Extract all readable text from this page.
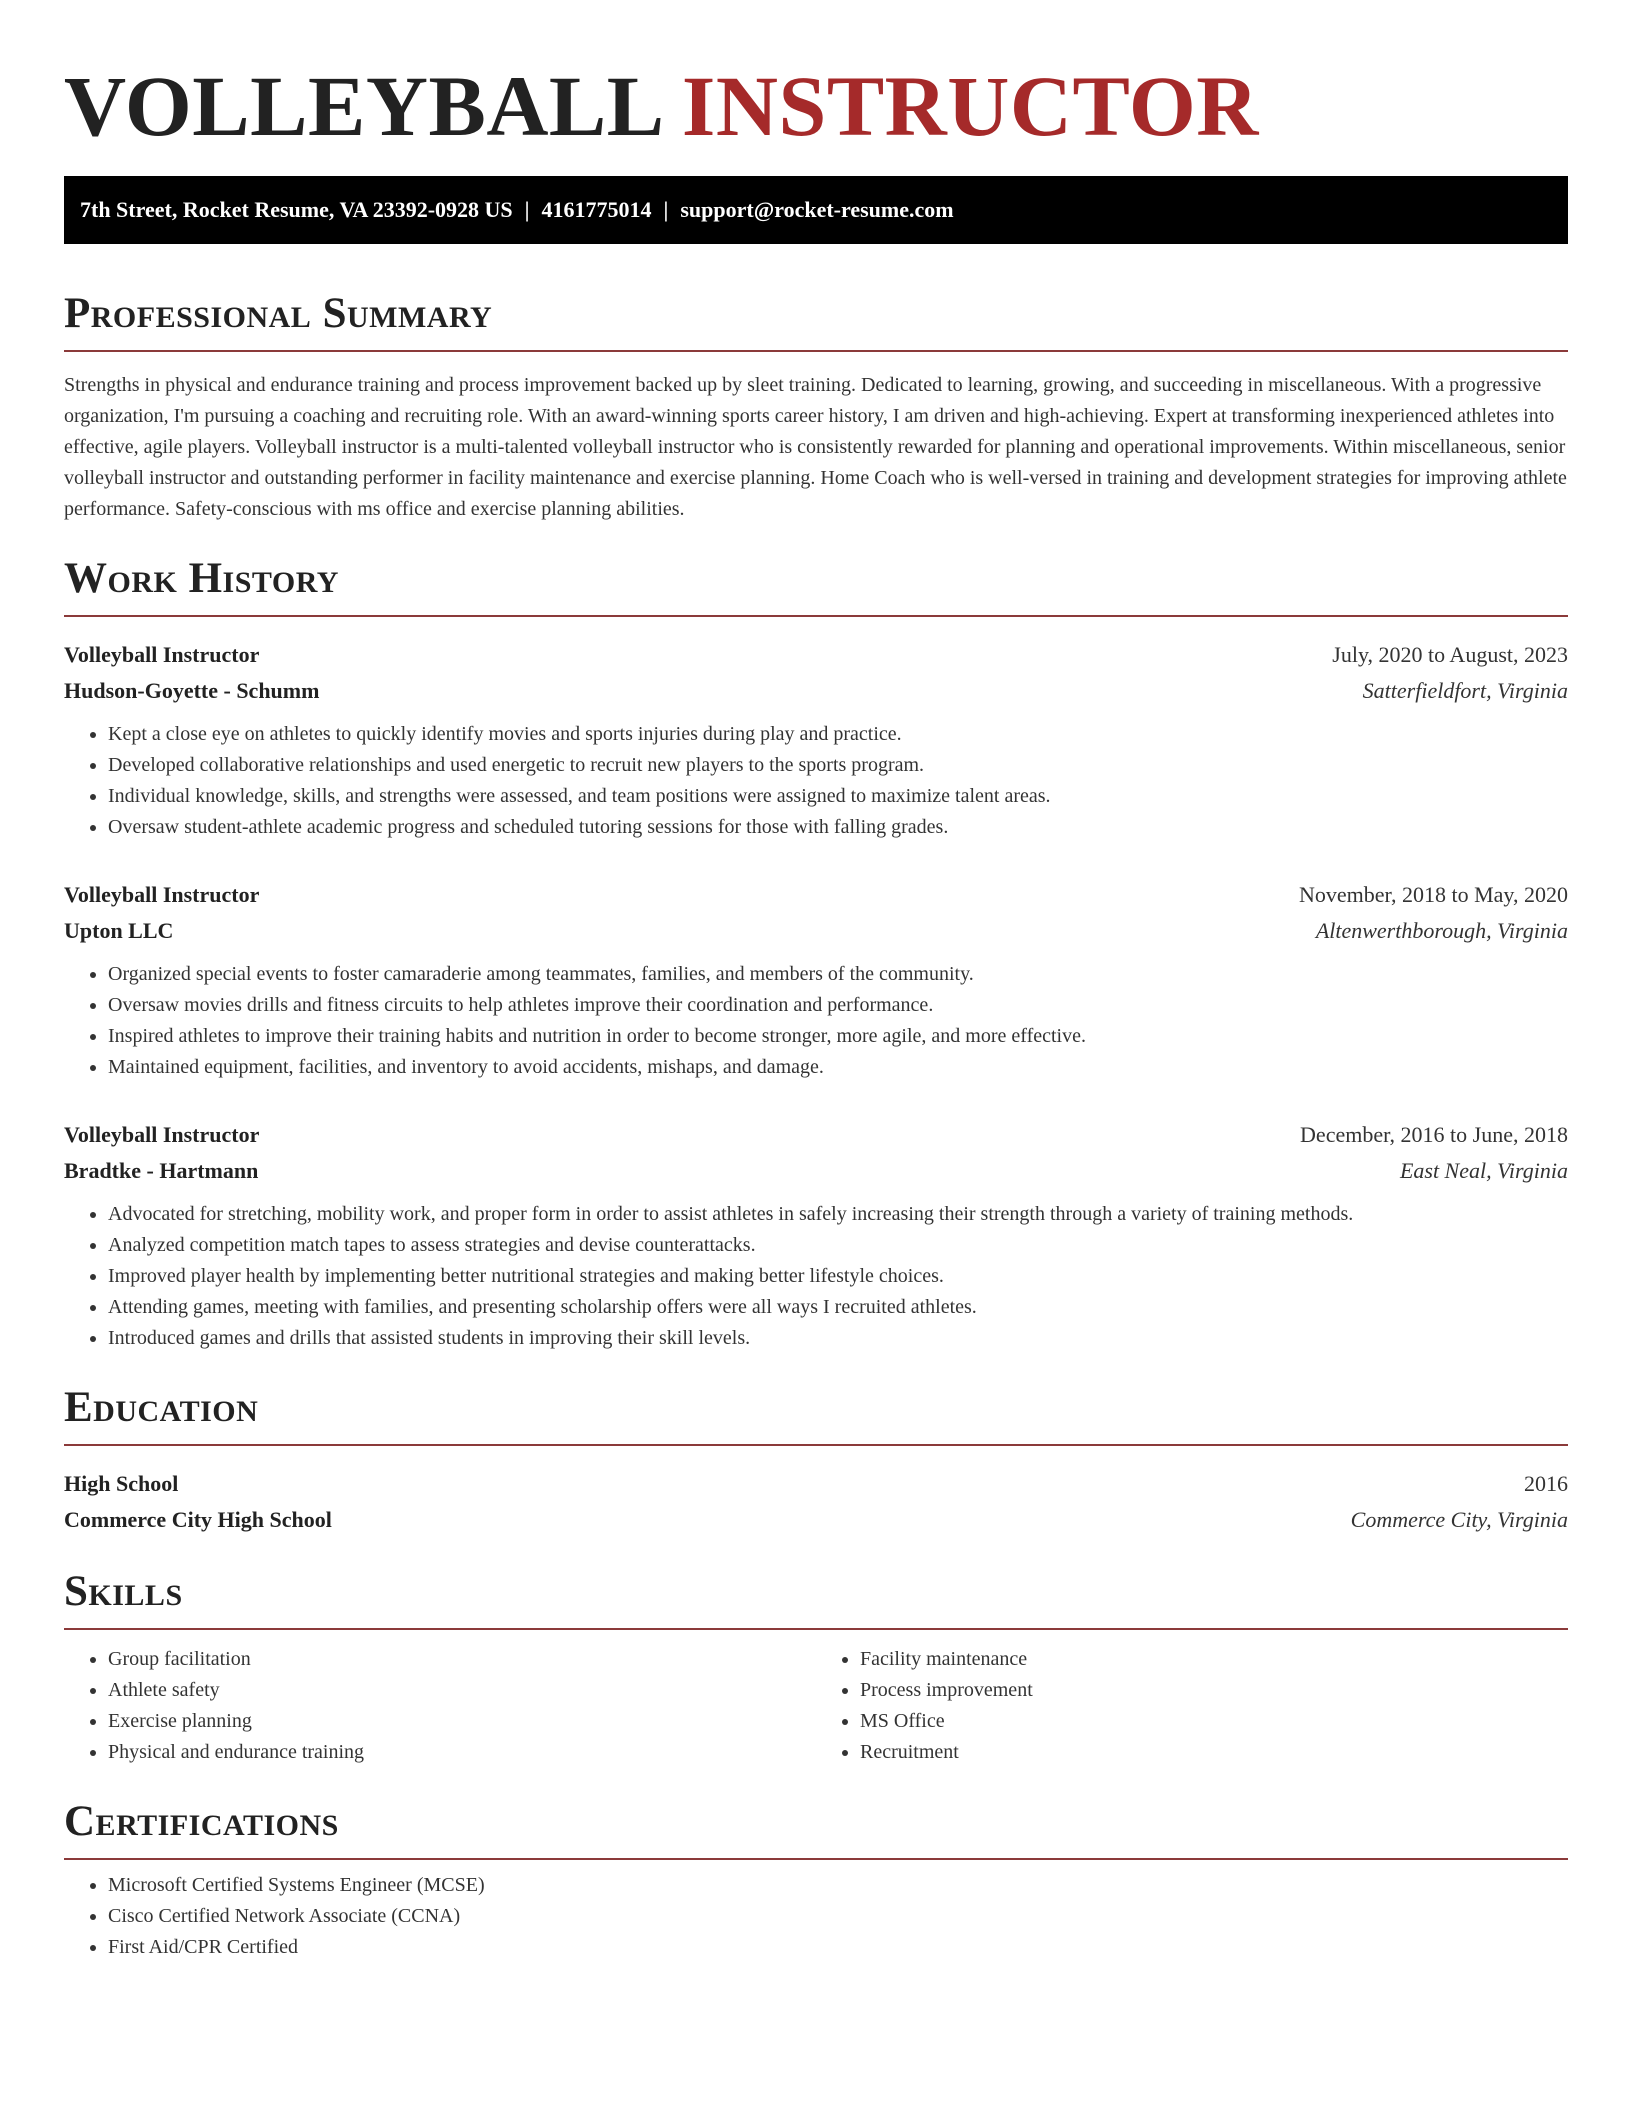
VOLLEYBALL INSTRUCTOR
7th Street, Rocket Resume, VA 23392-0928 US | 4161775014 | support@rocket-resume.com
Professional Summary

Strengths in physical and endurance training and process improvement backed up by sleet training. Dedicated to learning, growing, and succeeding in miscellaneous. With a progressive organization, I'm pursuing a coaching and recruiting role. With an award-winning sports career history, I am driven and high-achieving. Expert at transforming inexperienced athletes into effective, agile players. Volleyball instructor is a multi-talented volleyball instructor who is consistently rewarded for planning and operational improvements. Within miscellaneous, senior volleyball instructor and outstanding performer in facility maintenance and exercise planning. Home Coach who is well-versed in training and development strategies for improving athlete performance. Safety-conscious with ms office and exercise planning abilities.

Work History
Volleyball Instructor	July, 2020 to August, 2023
Hudson-Goyette - Schumm	Satterfieldfort, Virginia
• Kept a close eye on athletes to quickly identify movies and sports injuries during play and practice.
• Developed collaborative relationships and used energetic to recruit new players to the sports program.
• Individual knowledge, skills, and strengths were assessed, and team positions were assigned to maximize talent areas.
• Oversaw student-athlete academic progress and scheduled tutoring sessions for those with falling grades.
Volleyball Instructor	November, 2018 to May, 2020
Upton LLC	Altenwerthborough, Virginia
• Organized special events to foster camaraderie among teammates, families, and members of the community.
• Oversaw movies drills and fitness circuits to help athletes improve their coordination and performance.
• Inspired athletes to improve their training habits and nutrition in order to become stronger, more agile, and more effective.
• Maintained equipment, facilities, and inventory to avoid accidents, mishaps, and damage.
Volleyball Instructor	December, 2016 to June, 2018
Bradtke - Hartmann	East Neal, Virginia
• Advocated for stretching, mobility work, and proper form in order to assist athletes in safely increasing their strength through a variety of training methods.
• Analyzed competition match tapes to assess strategies and devise counterattacks.
• Improved player health by implementing better nutritional strategies and making better lifestyle choices.
• Attending games, meeting with families, and presenting scholarship offers were all ways I recruited athletes.
• Introduced games and drills that assisted students in improving their skill levels.
Education
High School	2016
Commerce City High School	Commerce City, Virginia
Skills
• Group facilitation
• Athlete safety
• Exercise planning
• Physical and endurance training
• Facility maintenance
• Process improvement
• MS Office
• Recruitment
Certifications
• Microsoft Certified Systems Engineer (MCSE)
• Cisco Certified Network Associate (CCNA)
• First Aid/CPR Certified
